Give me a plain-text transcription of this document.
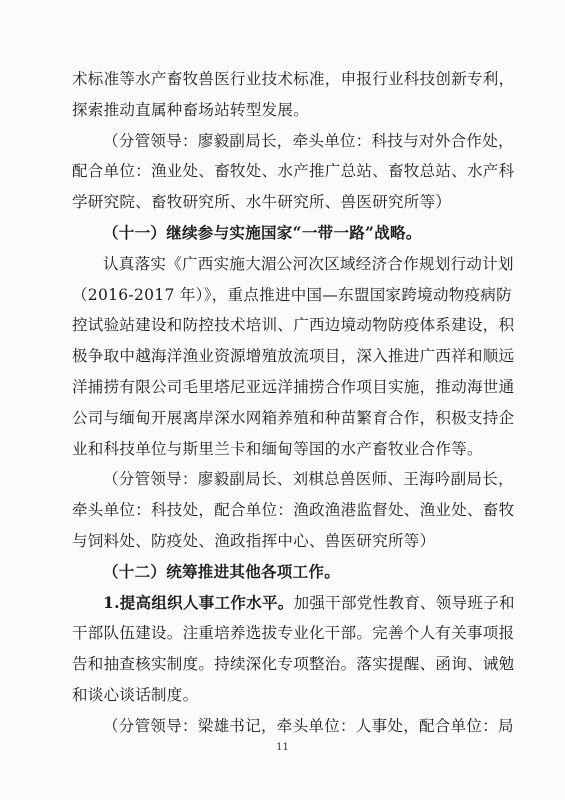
术标准等水产畜牧兽医行业技术标准，申报行业科技创新专利，
探索推动直属种畜场站转型发展。
（分管领导：廖毅副局长，牵头单位：科技与对外合作处，
配合单位：渔业处、畜牧处、水产推广总站、畜牧总站、水产科
学研究院、畜牧研究所、水牛研究所、兽医研究所等）
（十一）继续参与实施国家“一带一路”战略。
认真落实《广西实施大湄公河次区域经济合作规划行动计划
（2016-2017 年）》，重点推进中国—东盟国家跨境动物疫病防
控试验站建设和防控技术培训、广西边境动物防疫体系建设，积
极争取中越海洋渔业资源增殖放流项目，深入推进广西祥和顺远
洋捕捞有限公司毛里塔尼亚远洋捕捞合作项目实施，推动海世通
公司与缅甸开展离岸深水网箱养殖和种苗繁育合作，积极支持企
业和科技单位与斯里兰卡和缅甸等国的水产畜牧业合作等。
（分管领导：廖毅副局长、刘棋总兽医师、王海吟副局长，
牵头单位：科技处，配合单位：渔政渔港监督处、渔业处、畜牧
与饲料处、防疫处、渔政指挥中心、兽医研究所等）
（十二）统筹推进其他各项工作。
1.提高组织人事工作水平。加强干部党性教育、领导班子和
干部队伍建设。注重培养选拔专业化干部。完善个人有关事项报
告和抽查核实制度。持续深化专项整治。落实提醒、函询、诫勉
和谈心谈话制度。
（分管领导：梁雄书记，牵头单位：人事处，配合单位：局
11
